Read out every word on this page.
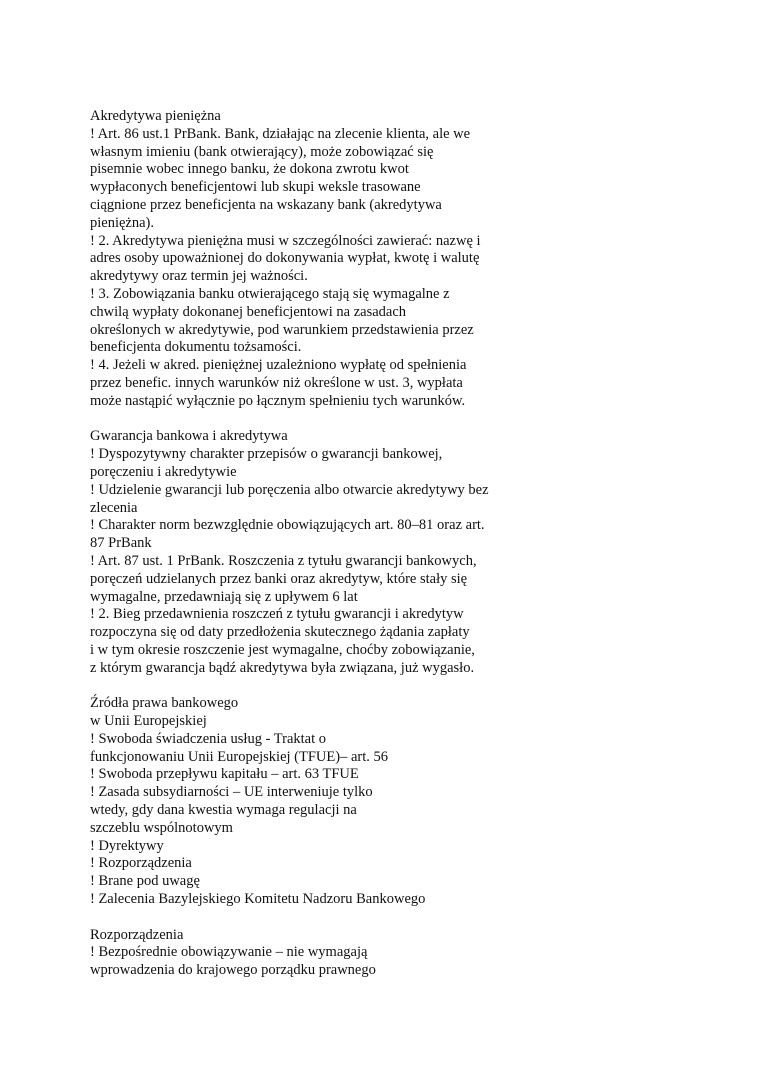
Akredytywa pieniężna
! Art. 86 ust.1 PrBank. Bank, działając na zlecenie klienta, ale we
własnym imieniu (bank otwierający), może zobowiązać się
pisemnie wobec innego banku, że dokona zwrotu kwot
wypłaconych beneficjentowi lub skupi weksle trasowane
ciągnione przez beneficjenta na wskazany bank (akredytywa
pieniężna).
! 2. Akredytywa pieniężna musi w szczególności zawierać: nazwę i
adres osoby upoważnionej do dokonywania wypłat, kwotę i walutę
akredytywy oraz termin jej ważności.
! 3. Zobowiązania banku otwierającego stają się wymagalne z
chwilą wypłaty dokonanej beneficjentowi na zasadach
określonych w akredytywie, pod warunkiem przedstawienia przez
beneficjenta dokumentu tożsamości.
! 4. Jeżeli w akred. pieniężnej uzależniono wypłatę od spełnienia
przez benefic. innych warunków niż określone w ust. 3, wypłata
może nastąpić wyłącznie po łącznym spełnieniu tych warunków.
Gwarancja bankowa i akredytywa
! Dyspozytywny charakter przepisów o gwarancji bankowej,
poręczeniu i akredytywie
! Udzielenie gwarancji lub poręczenia albo otwarcie akredytywy bez
zlecenia
! Charakter norm bezwzględnie obowiązujących art. 80–81 oraz art.
87 PrBank
! Art. 87 ust. 1 PrBank. Roszczenia z tytułu gwarancji bankowych,
poręczeń udzielanych przez banki oraz akredytyw, które stały się
wymagalne, przedawniają się z upływem 6 lat
! 2. Bieg przedawnienia roszczeń z tytułu gwarancji i akredytyw
rozpoczyna się od daty przedłożenia skutecznego żądania zapłaty
i w tym okresie roszczenie jest wymagalne, choćby zobowiązanie,
z którym gwarancja bądź akredytywa była związana, już wygasło.
Źródła prawa bankowego
w Unii Europejskiej
! Swoboda świadczenia usług - Traktat o
funkcjonowaniu Unii Europejskiej (TFUE)– art. 56
! Swoboda przepływu kapitału – art. 63 TFUE
! Zasada subsydiarności – UE interweniuje tylko
wtedy, gdy dana kwestia wymaga regulacji na
szczeblu wspólnotowym
! Dyrektywy
! Rozporządzenia
! Brane pod uwagę
! Zalecenia Bazylejskiego Komitetu Nadzoru Bankowego
Rozporządzenia
! Bezpośrednie obowiązywanie – nie wymagają
wprowadzenia do krajowego porządku prawnego
